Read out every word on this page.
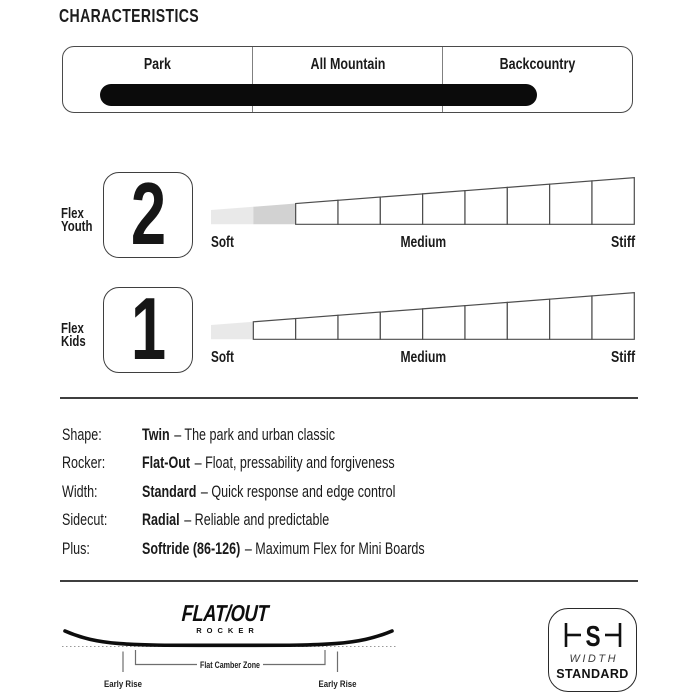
CHARACTERISTICS
Park	All Mountain	Backcountry
Flex
Youth 2	Soft	Medium	Stiff
Flex
Kids 1	Soft	Medium	Stiff
Shape:	Twin – The park and urban classic
Rocker:	Flat-Out – Float, pressability and forgiveness
Width:	Standard – Quick response and edge control
Sidecut:	Radial – Reliable and predictable
Plus:	Softride (86-126) – Maximum Flex for Mini Boards
FLAT/OUT
ROCKER
Flat Camber Zone
Early Rise	Early Rise
S
WIDTH
STANDARD
